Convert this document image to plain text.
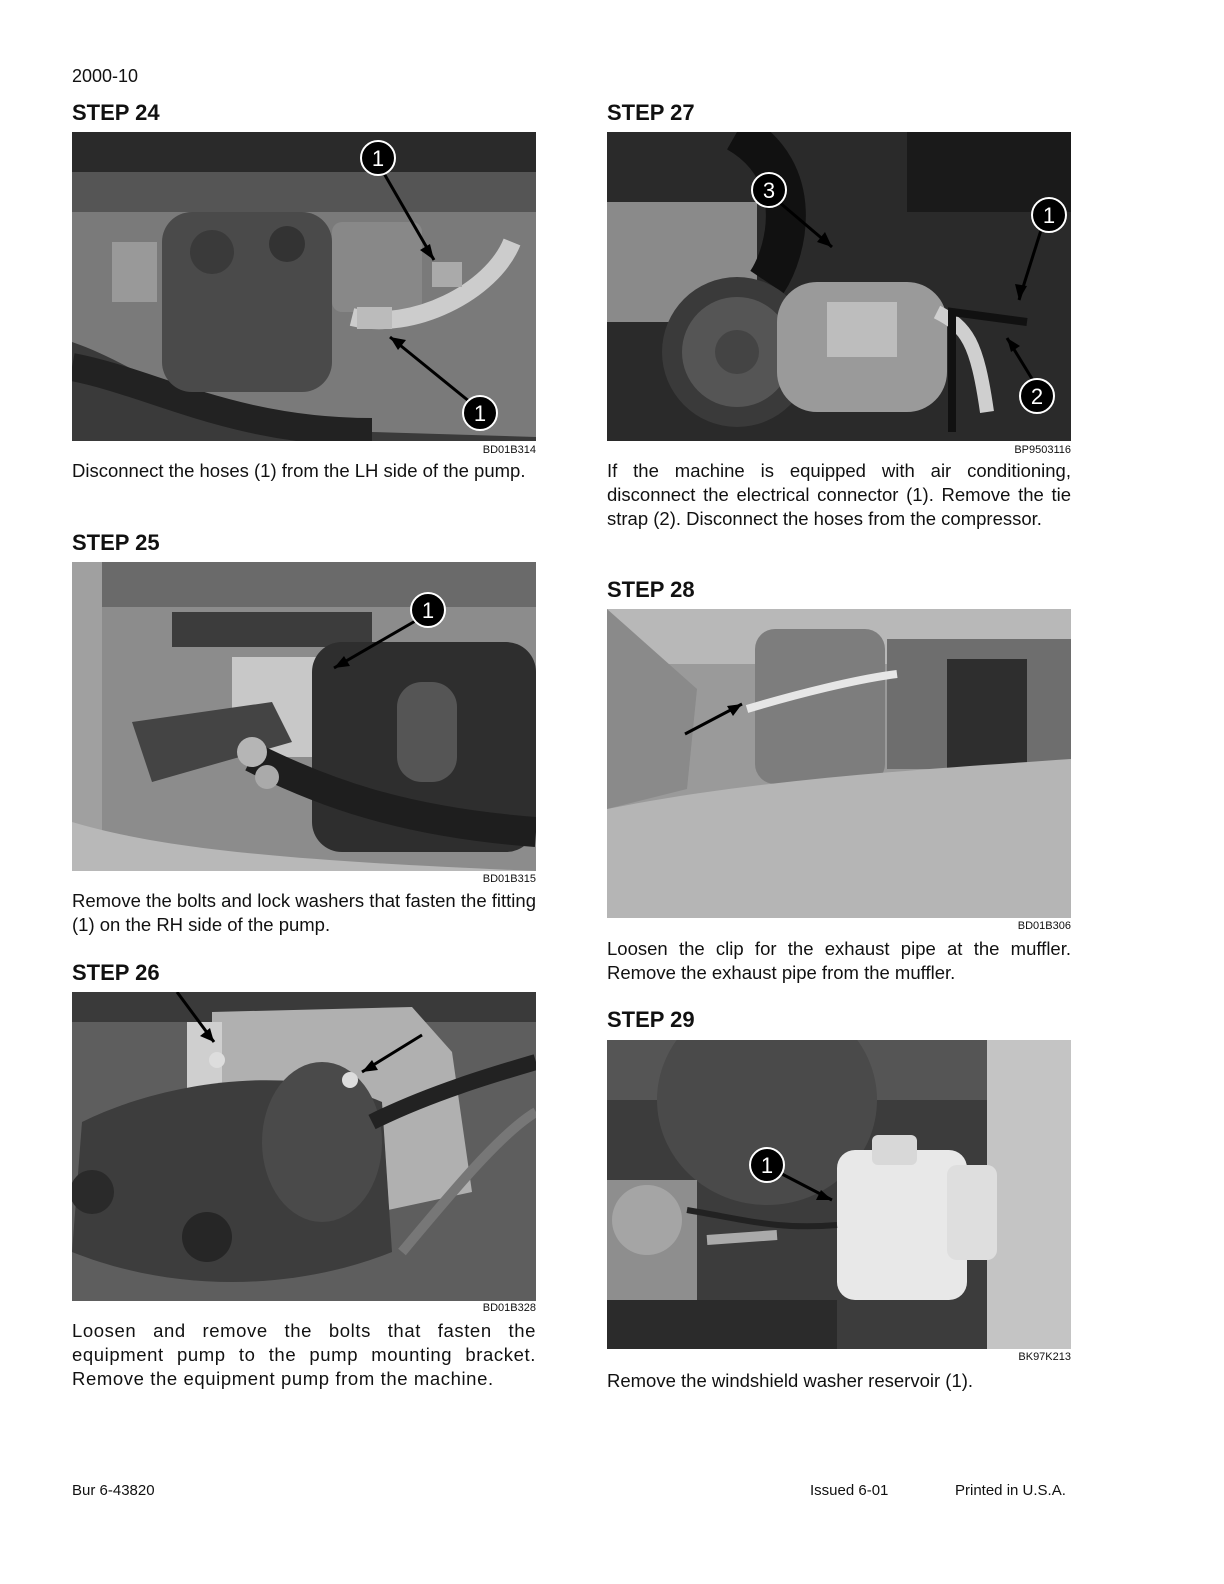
2000-10
STEP 24
1
1
BD01B314

Disconnect the hoses (1) from the LH side of the pump.

STEP 25
1
BD01B315

Remove the bolts and lock washers that fasten the fitting (1) on the RH side of the pump.

STEP 26
BD01B328

Loosen and remove the bolts that fasten the equipment pump to the pump mounting bracket. Remove the equipment pump from the machine.

STEP 27
3
1
2
BP9503116

If the machine is equipped with air conditioning, disconnect the electrical connector (1). Remove the tie strap (2). Disconnect the hoses from the compressor.

STEP 28
BD01B306

Loosen the clip for the exhaust pipe at the muffler. Remove the exhaust pipe from the muffler.

STEP 29
1
BK97K213

Remove the windshield washer reservoir (1).

Bur 6-43820	Issued 6-01	Printed in U.S.A.
